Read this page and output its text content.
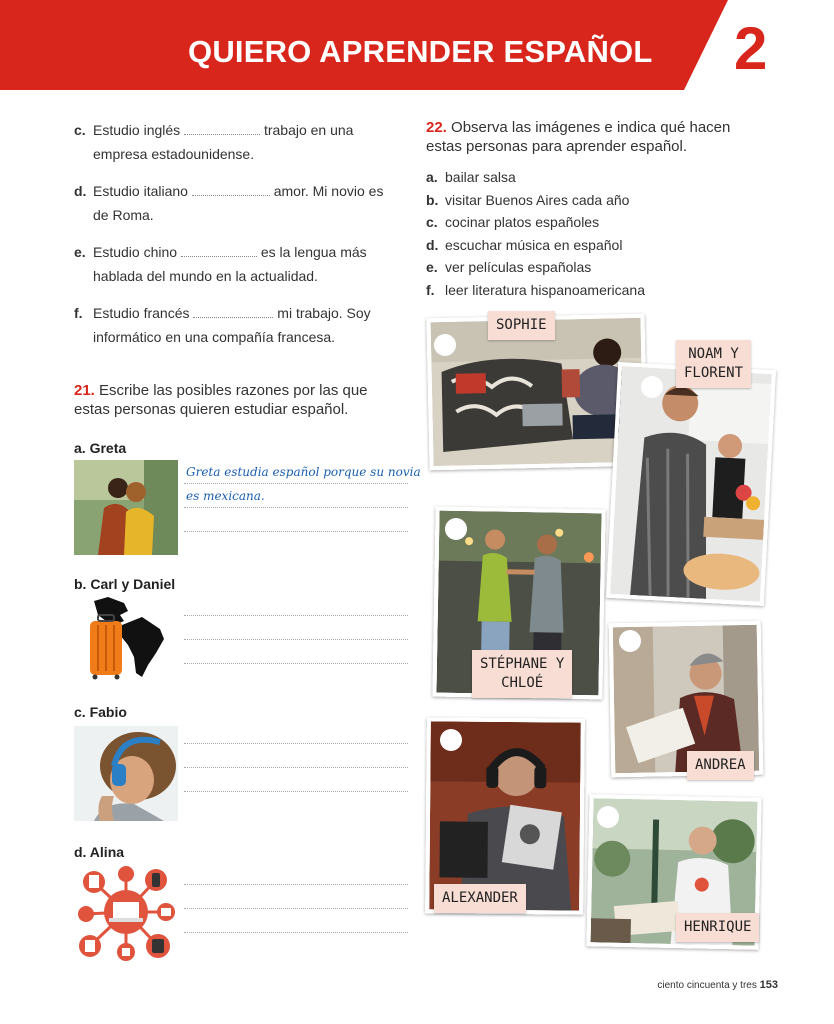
QUIERO APRENDER ESPAÑOL 2
c. Estudio inglés	trabajo en una
empresa estadounidense.
d. Estudio italiano	amor. Mi novio es
de Roma.
e. Estudio chino	es la lengua más
hablada del mundo en la actualidad.
f. Estudio francés	mi trabajo. Soy
informático en una compañía francesa.
21. Escribe las posibles razones por las que
estas personas quieren estudiar español.
a. Greta
Greta estudia español porque su novia
es mexicana.
b. Carl y Daniel
c. Fabio
d. Alina
22. Observa las imágenes e indica qué hacen
estas personas para aprender español.
a. bailar salsa
b. visitar Buenos Aires cada año
c. cocinar platos españoles
d. escuchar música en español
e. ver películas españolas
f. leer literatura hispanoamericana
SOPHIE
NOAM Y
FLORENT
STÉPHANE Y
CHLOÉ
ANDREA
ALEXANDER
HENRIQUE
ciento cincuenta y tres 153
